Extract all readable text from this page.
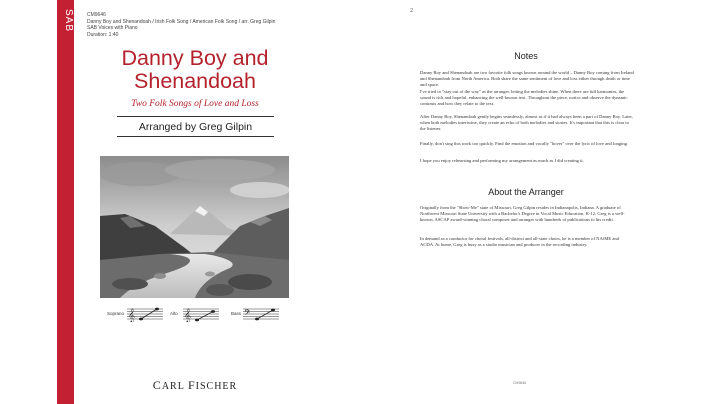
SAB	CM9646
Danny Boy and Shenandoah / Irish Folk Song / American Folk Song / arr. Greg Gilpin
SAB Voices with Piano
Duration: 1:40
Danny Boy and
Shenandoah
Two Folk Songs of Love and Loss
Arranged by Greg Gilpin
Soprano 𝄞	Alto 𝄞	Bass 𝄢
CARL FISCHER
2
Notes
Danny Boy and Shenandoah are two favorite folk songs known around the world – Danny Boy coming from Ireland and Shenandoah from North America. Both share the same sentiment of love and loss either through death or time and space.
I've tried to "stay out of the way" as the arranger, letting the melodies shine. When there are full harmonies, the sound is rich and hopeful, enhancing the well-known text. Throughout the piece, notice and observe the dynamic contrasts and how they relate to the text.
After Danny Boy, Shenandoah gently begins seamlessly, almost as if it had always been a part of Danny Boy. Later, when both melodies intertwine, they create an echo of both melodies and stories. It's important that this is clear to the listener.
Finally, don't sing this work too quickly. Find the emotion and vocally "hover" over the lyric of love and longing.
I hope you enjoy rehearsing and performing my arrangement as much as I did creating it.
About the Arranger
Originally from the "Show-Me" state of Missouri, Greg Gilpin resides in Indianapolis, Indiana. A graduate of Northwest Missouri State University with a Bachelor's Degree in Vocal Music Education, K-12, Greg is a well-known, ASCAP award-winning choral composer and arranger with hundreds of publications to his credit.
In demand as a conductor for choral festivals, all-district and all-state choirs, he is a member of NAfME and ACDA. At home, Greg is busy as a studio musician and producer in the recording industry.
CM9646
